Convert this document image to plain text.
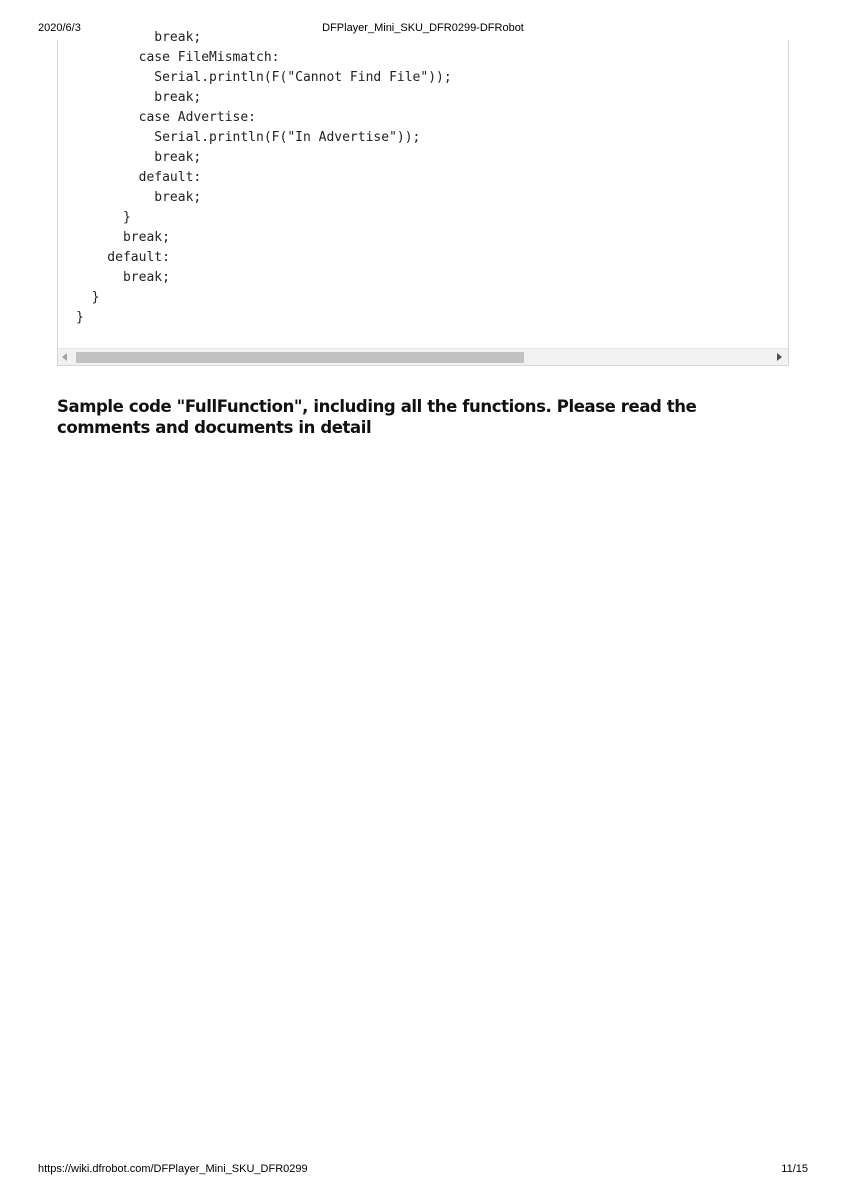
2020/6/3	DFPlayer_Mini_SKU_DFR0299-DFRobot
break;
case FileMismatch:
Serial.println(F("Cannot Find File"));
break;
case Advertise:
Serial.println(F("In Advertise"));
break;
default:
break;
}
break;
default:
break;
}
}
Sample code "FullFunction", including all the functions. Please read the comments and documents in detail
https://wiki.dfrobot.com/DFPlayer_Mini_SKU_DFR0299	11/15
